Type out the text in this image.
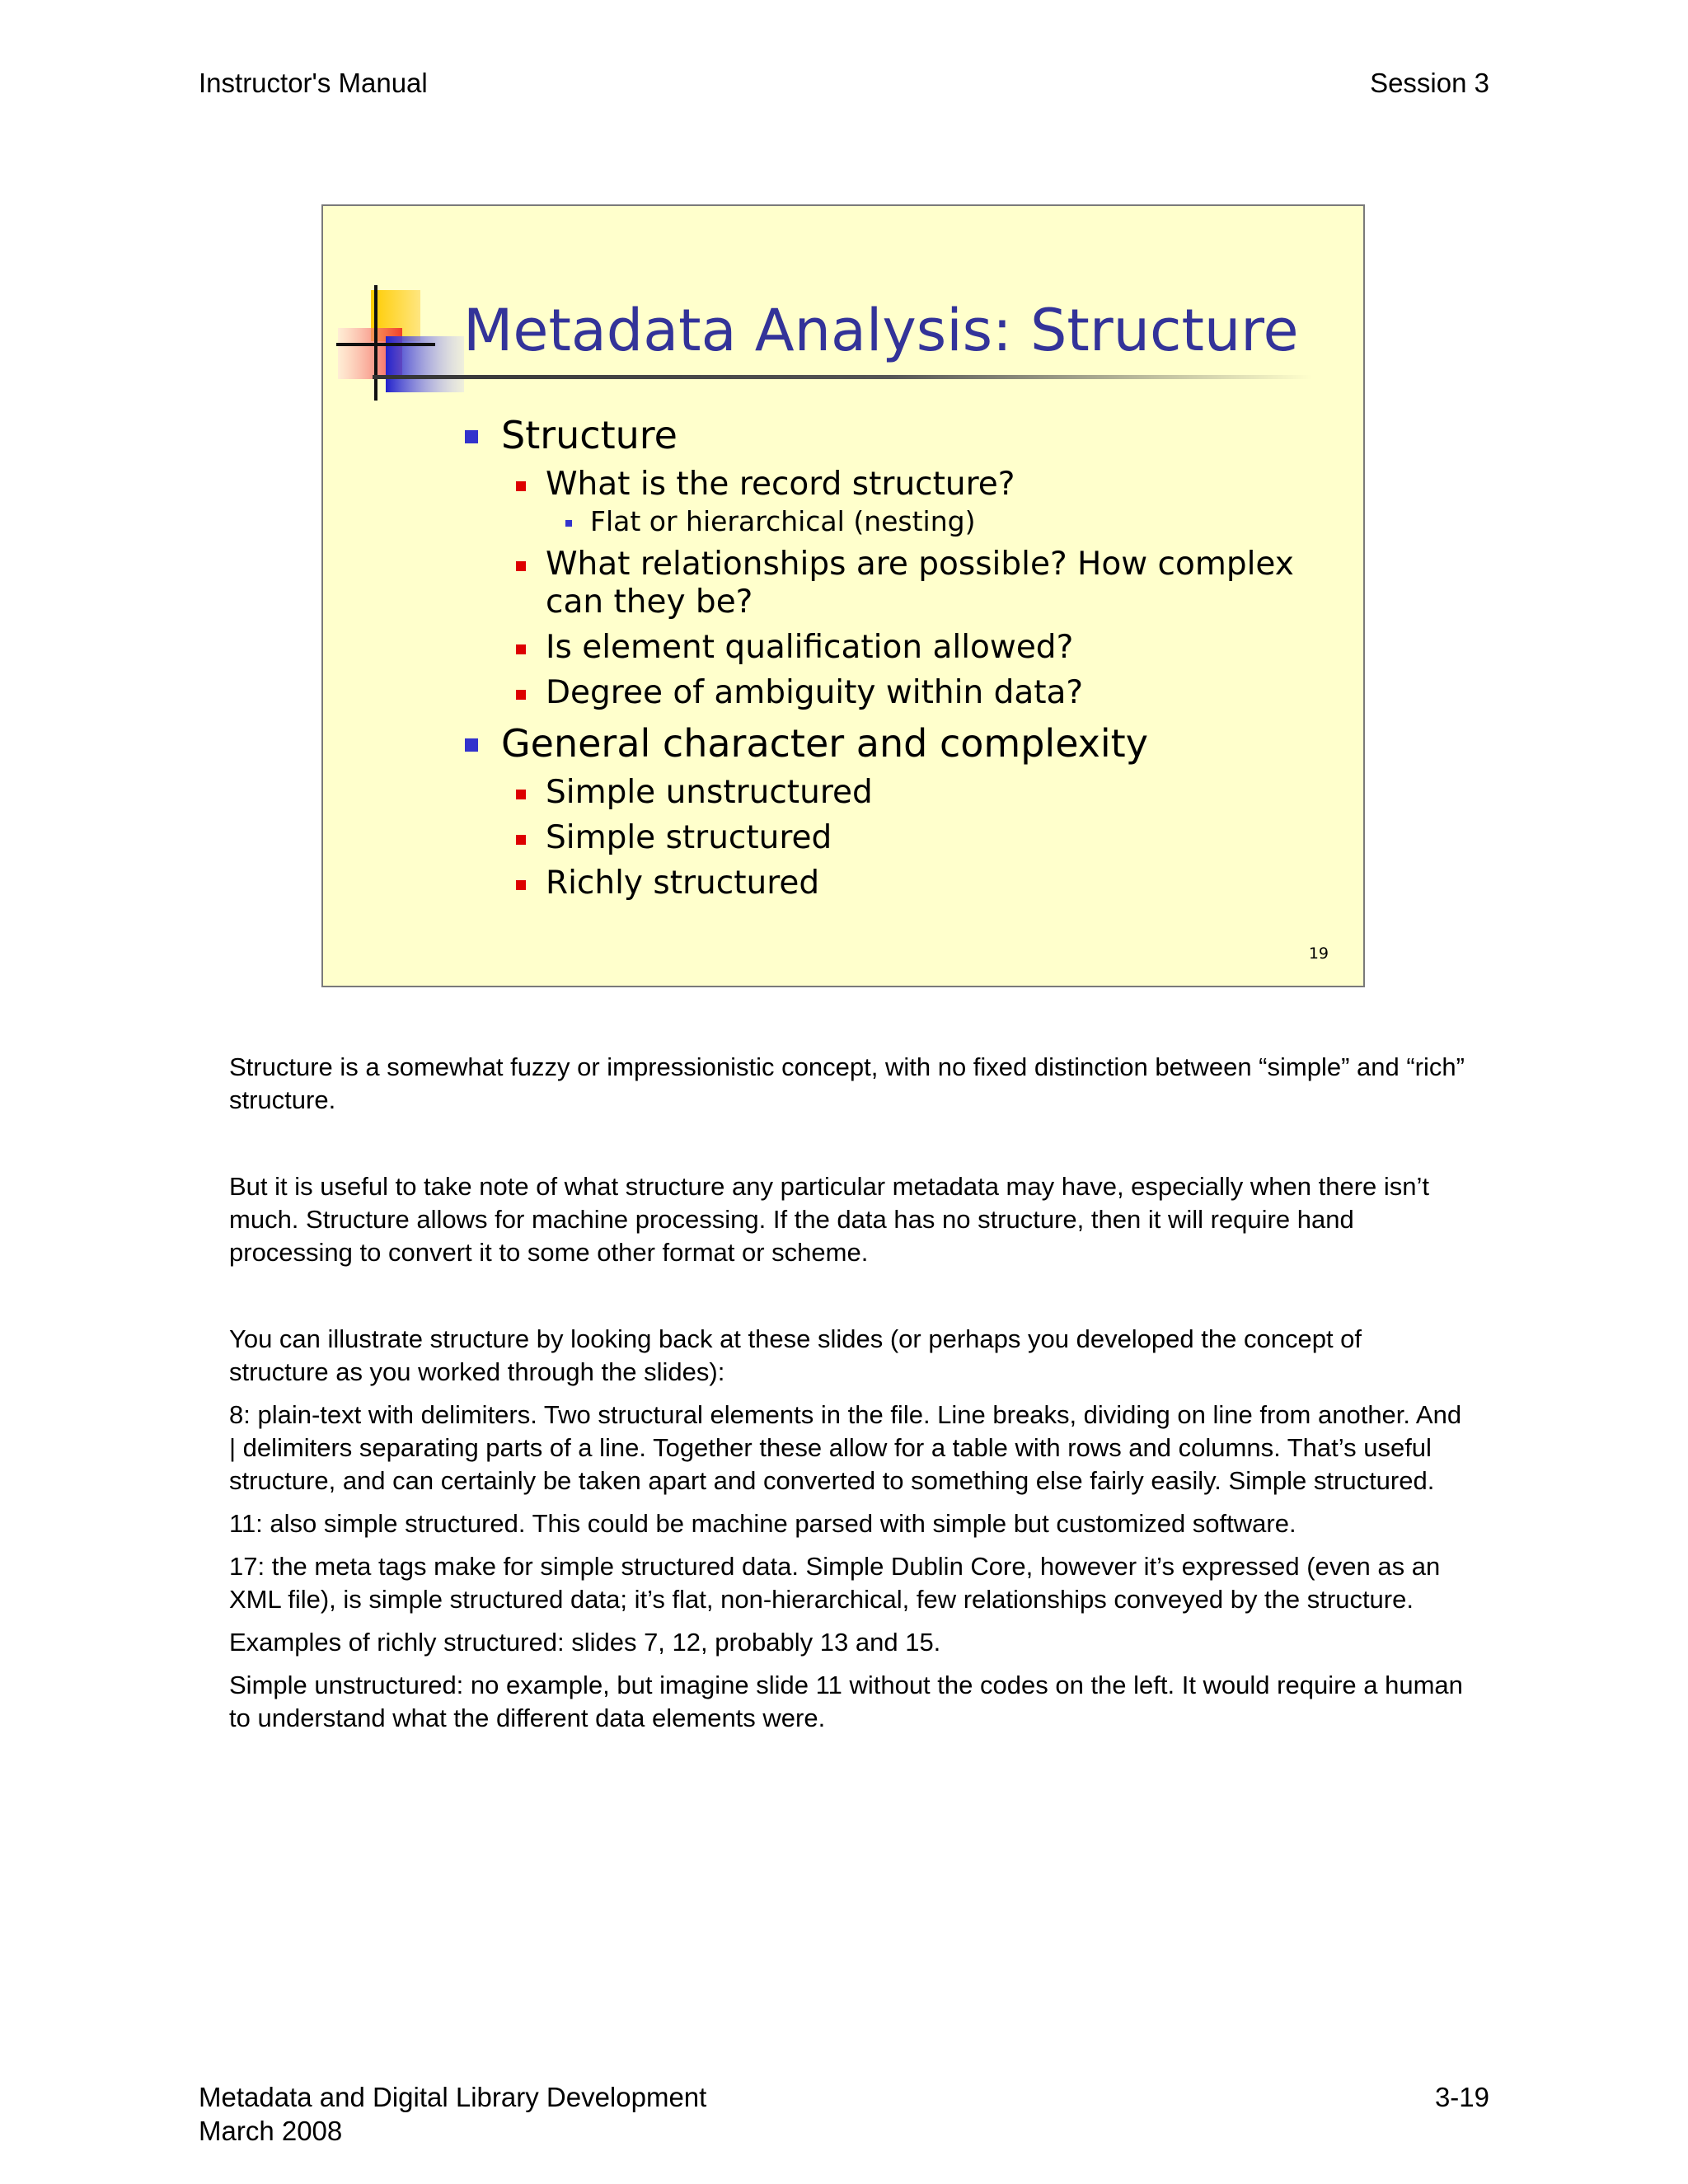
Instructor's Manual	Session 3
Metadata Analysis: Structure
Structure
What is the record structure?
Flat or hierarchical (nesting)
What relationships are possible? How complex can they be?
Is element qualification allowed?
Degree of ambiguity within data?
General character and complexity
Simple unstructured
Simple structured
Richly structured
19

Structure is a somewhat fuzzy or impressionistic concept, with no fixed distinction between “simple” and “rich” structure.

But it is useful to take note of what structure any particular metadata may have, especially when there isn’t much. Structure allows for machine processing. If the data has no structure, then it will require hand processing to convert it to some other format or scheme.

You can illustrate structure by looking back at these slides (or perhaps you developed the concept of structure as you worked through the slides):

8: plain-text with delimiters. Two structural elements in the file. Line breaks, dividing on line from another. And | delimiters separating parts of a line. Together these allow for a table with rows and columns. That’s useful structure, and can certainly be taken apart and converted to something else fairly easily. Simple structured.

11: also simple structured. This could be machine parsed with simple but customized software.

17: the meta tags make for simple structured data. Simple Dublin Core, however it’s expressed (even as an XML file), is simple structured data; it’s flat, non-hierarchical, few relationships conveyed by the structure.

Examples of richly structured: slides 7, 12, probably 13 and 15.

Simple unstructured: no example, but imagine slide 11 without the codes on the left. It would require a human to understand what the different data elements were.

Metadata and Digital Library Development
March 2008
3-19
